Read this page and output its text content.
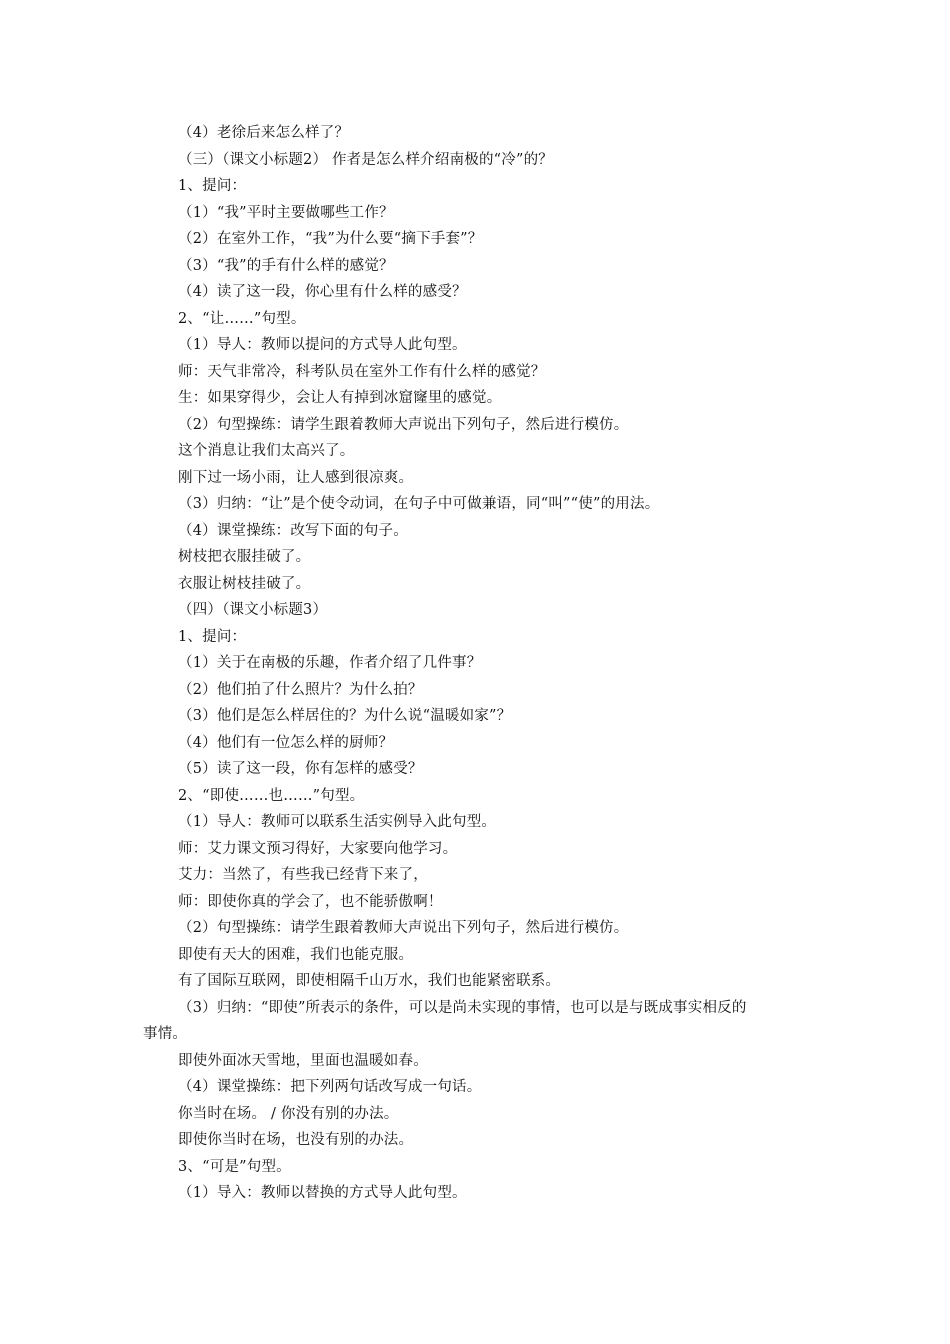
（4）老徐后来怎么样了？
（三）（课文小标题2） 作者是怎么样介绍南极的“冷”的？
1、提问：
（1）“我”平时主要做哪些工作？
（2）在室外工作，“我”为什么要“摘下手套”？
（3）“我”的手有什么样的感觉？
（4）读了这一段，你心里有什么样的感受？
2、“让……”句型。
（1）导人：教师以提问的方式导人此句型。
师：天气非常冷，科考队员在室外工作有什么样的感觉？
生：如果穿得少，会让人有掉到冰窟窿里的感觉。
（2）句型操练：请学生跟着教师大声说出下列句子，然后进行模仿。
这个消息让我们太高兴了。
刚下过一场小雨，让人感到很凉爽。
（3）归纳：“让”是个使令动词，在句子中可做兼语，同“叫”“使”的用法。
（4）课堂操练：改写下面的句子。
树枝把衣服挂破了。
衣服让树枝挂破了。
（四）（课文小标题3）
1、提问：
（1）关于在南极的乐趣，作者介绍了几件事？
（2）他们拍了什么照片？为什么拍？
（3）他们是怎么样居住的？为什么说“温暖如家”？
（4）他们有一位怎么样的厨师？
（5）读了这一段，你有怎样的感受？
2、“即使……也……”句型。
（1）导人：教师可以联系生活实例导入此句型。
师：艾力课文预习得好，大家要向他学习。
艾力：当然了，有些我已经背下来了，
师：即使你真的学会了，也不能骄傲啊！
（2）句型操练：请学生跟着教师大声说出下列句子，然后进行模仿。
即使有天大的困难，我们也能克服。
有了国际互联网，即使相隔千山万水，我们也能紧密联系。
（3）归纳：“即使”所表示的条件，可以是尚未实现的事情，也可以是与既成事实相反的
事情。
即使外面冰天雪地，里面也温暖如春。
（4）课堂操练：把下列两句话改写成一句话。
你当时在场。 / 你没有别的办法。
即使你当时在场，也没有别的办法。
3、“可是”句型。
（1）导入：教师以替换的方式导人此句型。
